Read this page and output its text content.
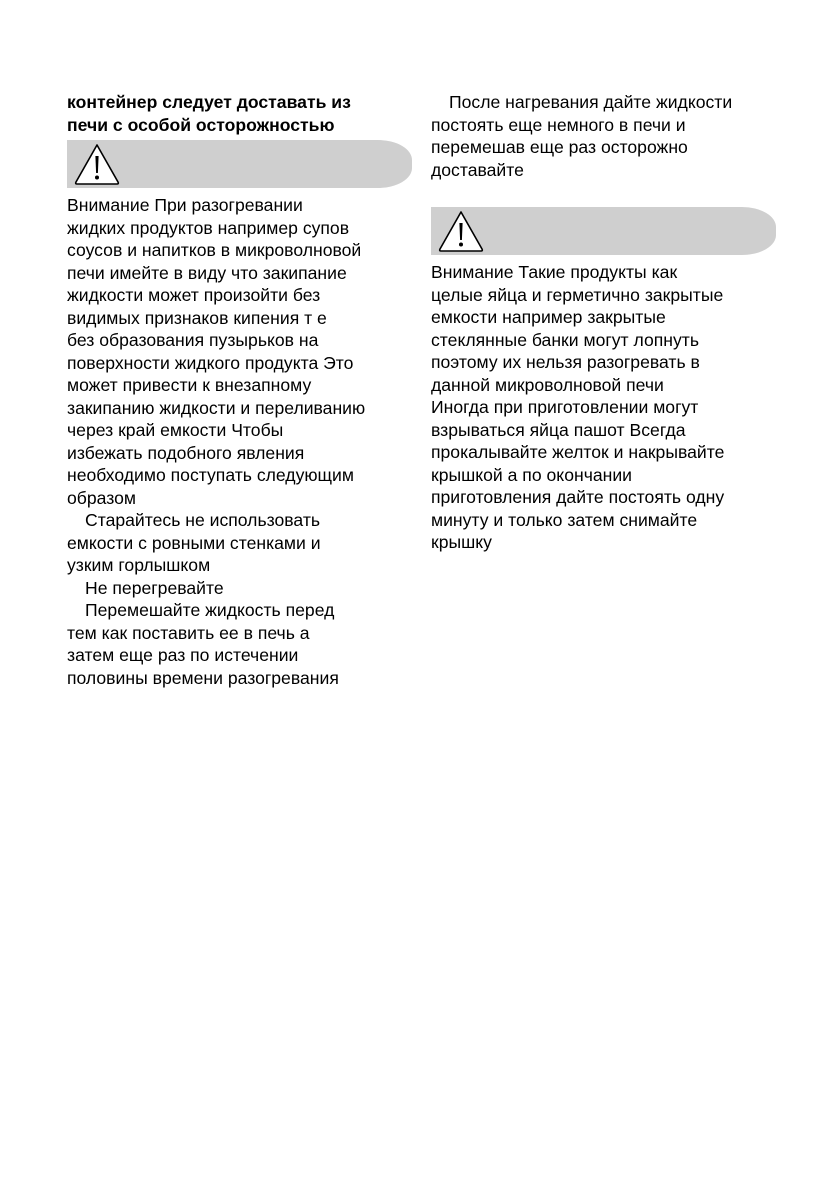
контейнер следует доставать из
печи с особой осторожностью
Внимание При разогревании
жидких продуктов например супов
соусов и напитков в микроволновой
печи имейте в виду что закипание
жидкости может произойти без
видимых признаков кипения т е
без образования пузырьков на
поверхности жидкого продукта Это
может привести к внезапному
закипанию жидкости и переливанию
через край емкости Чтобы
избежать подобного явления
необходимо поступать следующим
образом
Старайтесь не использовать
емкости с ровными стенками и
узким горлышком
Не перегревайте
Перемешайте жидкость перед
тем как поставить ее в печь а
затем еще раз по истечении
половины времени разогревания
После нагревания дайте жидкости
постоять еще немного в печи и
перемешав еще раз осторожно
доставайте
Внимание Такие продукты как
целые яйца и герметично закрытые
емкости например закрытые
стеклянные банки могут лопнуть
поэтому их нельзя разогревать в
данной микроволновой печи
Иногда при приготовлении могут
взрываться яйца пашот Всегда
прокалывайте желток и накрывайте
крышкой а по окончании
приготовления дайте постоять одну
минуту и только затем снимайте
крышку
